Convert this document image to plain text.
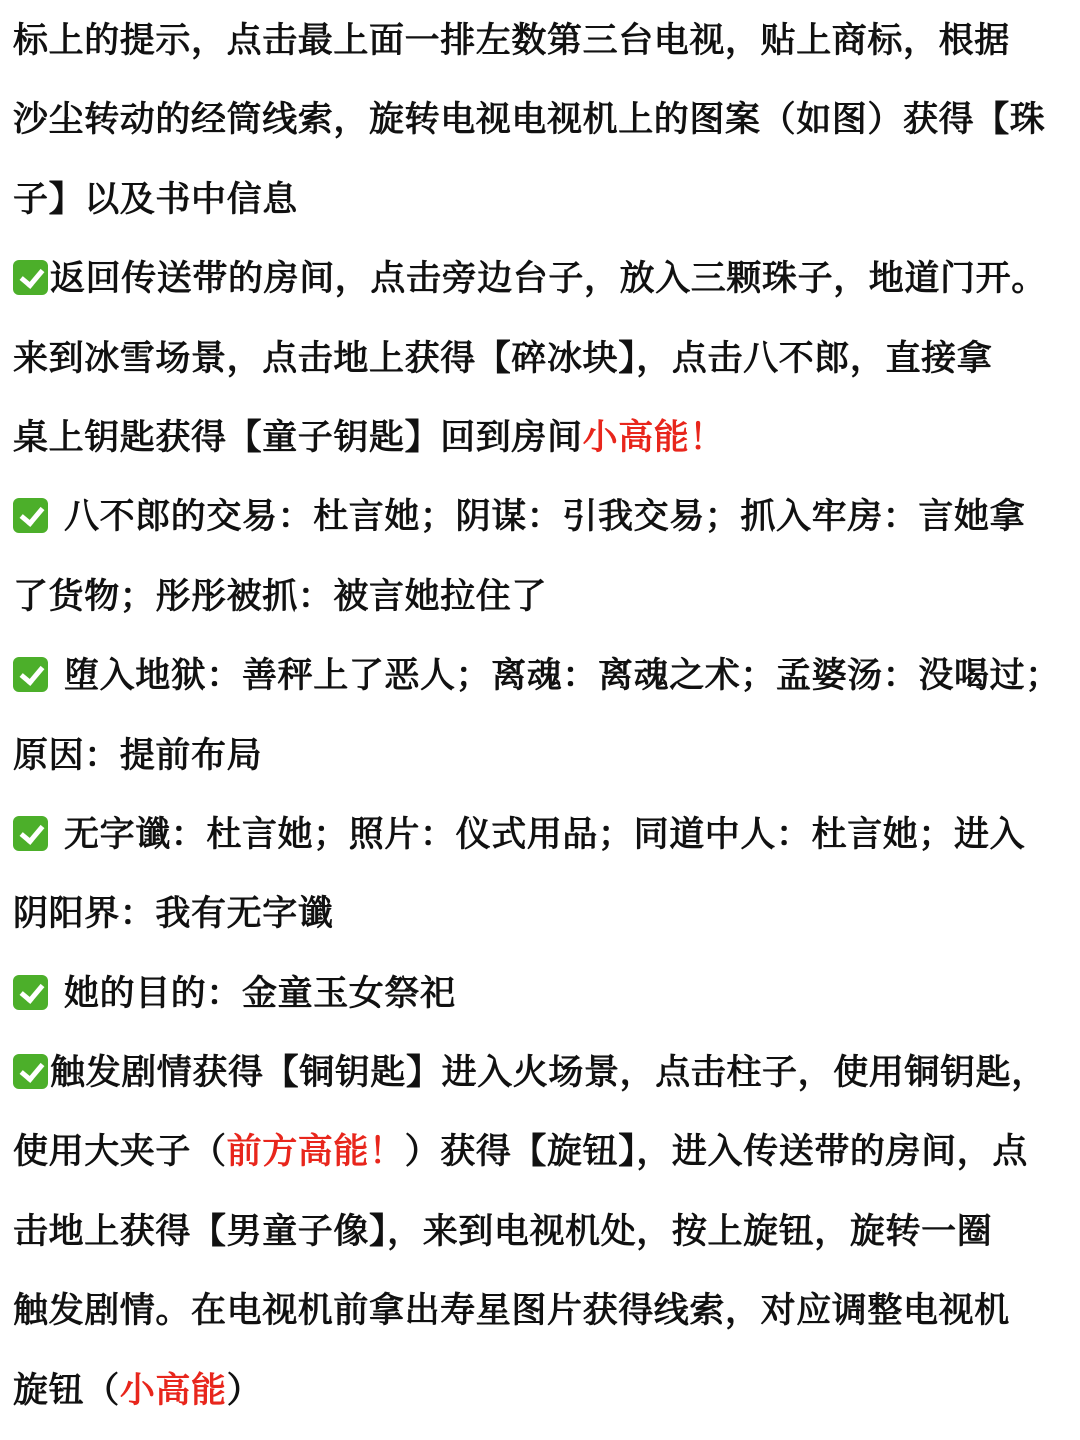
标上的提示，点击最上面一排左数第三台电视，贴上商标，根据
沙尘转动的经筒线索，旋转电视电视机上的图案（如图）获得【珠
子】以及书中信息
返回传送带的房间，点击旁边台子，放入三颗珠子，地道门开。
来到冰雪场景，点击地上获得【碎冰块】，点击八不郎，直接拿
桌上钥匙获得【童子钥匙】回到房间小高能！
八不郎的交易：杜言她；阴谋：引我交易；抓入牢房：言她拿
了货物；彤彤被抓：被言她拉住了
堕入地狱：善秤上了恶人；离魂：离魂之术；孟婆汤：没喝过；
原因：提前布局
无字谶：杜言她；照片：仪式用品；同道中人：杜言她；进入
阴阳界：我有无字谶
她的目的：金童玉女祭祀
触发剧情获得【铜钥匙】进入火场景，点击柱子，使用铜钥匙，
使用大夹子（前方高能！）获得【旋钮】，进入传送带的房间，点
击地上获得【男童子像】，来到电视机处，按上旋钮，旋转一圈
触发剧情。在电视机前拿出寿星图片获得线索，对应调整电视机
旋钮（小高能）
